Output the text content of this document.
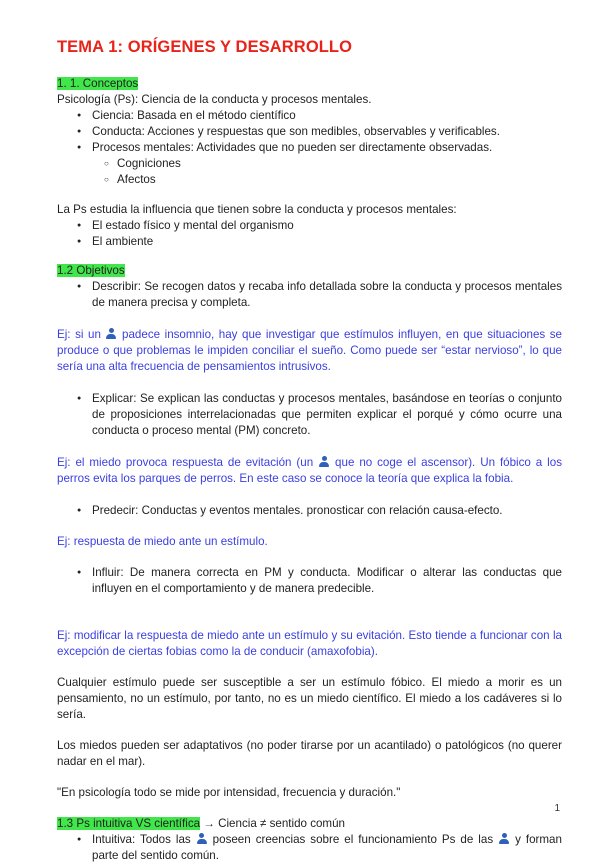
TEMA 1: ORÍGENES Y DESARROLLO
1. 1. Conceptos

Psicología (Ps): Ciencia de la conducta y procesos mentales.

● Ciencia: Basada en el método científico
● Conducta: Acciones y respuestas que son medibles, observables y verificables.
● Procesos mentales: Actividades que no pueden ser directamente observadas.
○ Cogniciones
○ Afectos

La Ps estudia la influencia que tienen sobre la conducta y procesos mentales:

● El estado físico y mental del organismo
● El ambiente
1.2 Objetivos
● Describir: Se recogen datos y recaba info detallada sobre la conducta y procesos mentales de manera precisa y completa.

Ej: si un padece insomnio, hay que investigar que estímulos influyen, en que situaciones se produce o que problemas le impiden conciliar el sueño. Como puede ser “estar nervioso”, lo que sería una alta frecuencia de pensamientos intrusivos.

● Explicar: Se explican las conductas y procesos mentales, basándose en teorías o conjunto de proposiciones interrelacionadas que permiten explicar el porqué y cómo ocurre una conducta o proceso mental (PM) concreto.

Ej: el miedo provoca respuesta de evitación (un que no coge el ascensor). Un fóbico a los perros evita los parques de perros. En este caso se conoce la teoría que explica la fobia.

● Predecir: Conductas y eventos mentales. pronosticar con relación causa-efecto.

Ej: respuesta de miedo ante un estímulo.

● Influir: De manera correcta en PM y conducta. Modificar o alterar las conductas que influyen en el comportamiento y de manera predecible.

Ej: modificar la respuesta de miedo ante un estímulo y su evitación. Esto tiende a funcionar con la excepción de ciertas fobias como la de conducir (amaxofobia).

Cualquier estímulo puede ser susceptible a ser un estímulo fóbico. El miedo a morir es un pensamiento, no un estímulo, por tanto, no es un miedo científico. El miedo a los cadáveres si lo sería.

Los miedos pueden ser adaptativos (no poder tirarse por un acantilado) o patológicos (no querer nadar en el mar).

"En psicología todo se mide por intensidad, frecuencia y duración."

1.3 Ps intuitiva VS científica → Ciencia ≠ sentido común
● Intuitiva: Todos las poseen creencias sobre el funcionamiento Ps de las y forman parte del sentido común.
1
